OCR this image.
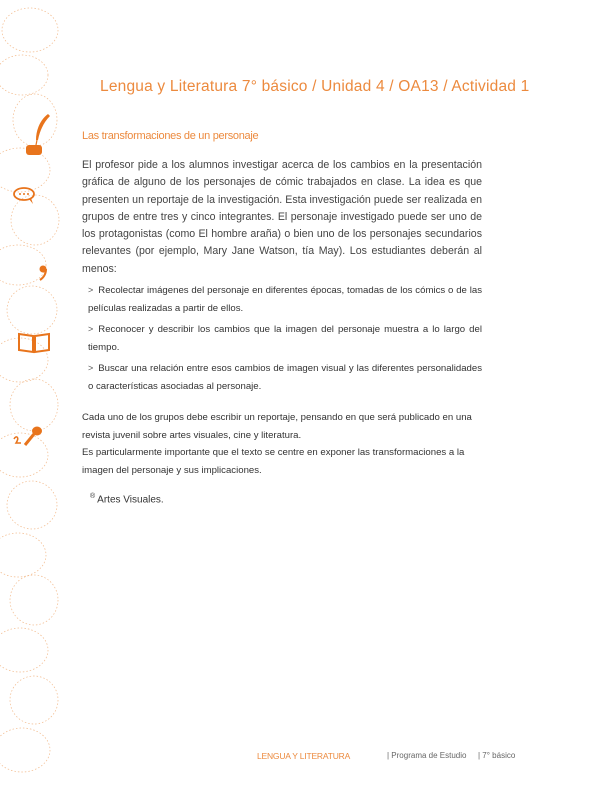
Lengua y Literatura 7° básico / Unidad 4 / OA13 / Actividad 1
Las transformaciones de un personaje

El profesor pide a los alumnos investigar acerca de los cambios en la presentación gráfica de alguno de los personajes de cómic trabajados en clase. La idea es que presenten un reportaje de la investigación. Esta investigación puede ser realizada en grupos de entre tres y cinco integrantes. El personaje investigado puede ser uno de los protagonistas (como El hombre araña) o bien uno de los personajes secundarios relevantes (por ejemplo, Mary Jane Watson, tía May). Los estudiantes deberán al menos:

> Recolectar imágenes del personaje en diferentes épocas, tomadas de los cómics o de las películas realizadas a partir de ellos.
> Reconocer y describir los cambios que la imagen del personaje muestra a lo largo del tiempo.
> Buscar una relación entre esos cambios de imagen visual y las diferentes personalidades o características asociadas al personaje.

Cada uno de los grupos debe escribir un reportaje, pensando en que será publicado en una revista juvenil sobre artes visuales, cine y literatura.

Es particularmente importante que el texto se centre en exponer las transformaciones a la imagen del personaje y sus implicaciones.

® Artes Visuales.
LENGUA Y LITERATURA	| Programa de Estudio | 7° básico
